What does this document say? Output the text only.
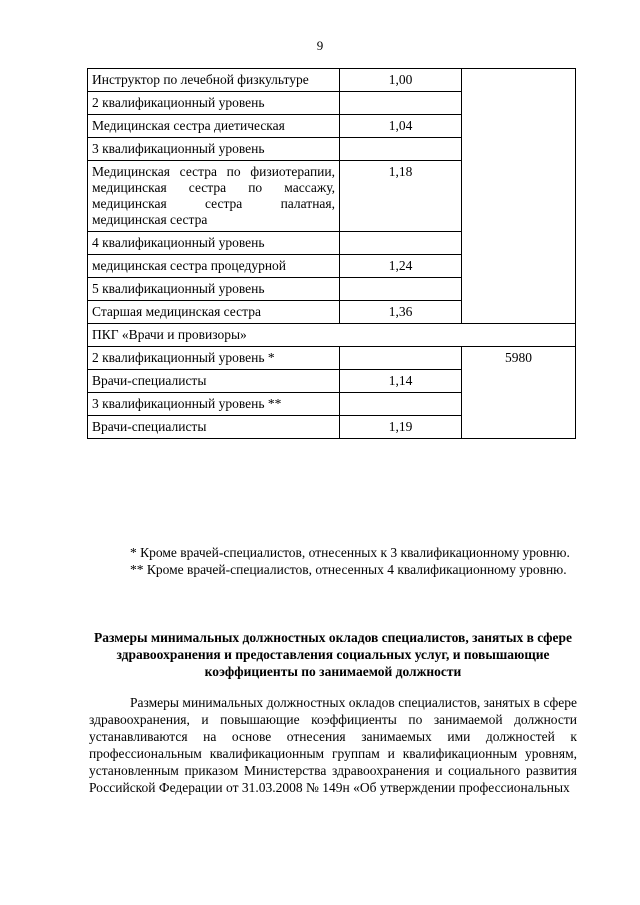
9
Инструктор по лечебной физкультуре	1,00	
2 квалификационный уровень		
Медицинская сестра диетическая	1,04	
3 квалификационный уровень		
Медицинская сестра по физиотерапии, медицинская сестра по массажу, медицинская сестра палатная, медицинская сестра	1,18	
4 квалификационный уровень		
медицинская сестра процедурной	1,24	
5 квалификационный уровень		
Старшая медицинская сестра	1,36	
ПКГ «Врачи и провизоры»		
2 квалификационный уровень *		5980
Врачи-специалисты	1,14	
3 квалификационный уровень **		
Врачи-специалисты	1,19	

* Кроме врачей-специалистов, отнесенных к 3 квалификационному уровню.

** Кроме врачей-специалистов, отнесенных 4 квалификационному уровню.

Размеры минимальных должностных окладов специалистов, занятых в сфере здравоохранения и предоставления социальных услуг, и повышающие коэффициенты по занимаемой должности

Размеры минимальных должностных окладов специалистов, занятых в сфере здравоохранения, и повышающие коэффициенты по занимаемой должности устанавливаются на основе отнесения занимаемых ими должностей к профессиональным квалификационным группам и квалификационным уровням, установленным приказом Министерства здравоохранения и социального развития Российской Федерации от 31.03.2008 № 149н «Об утверждении профессиональных
